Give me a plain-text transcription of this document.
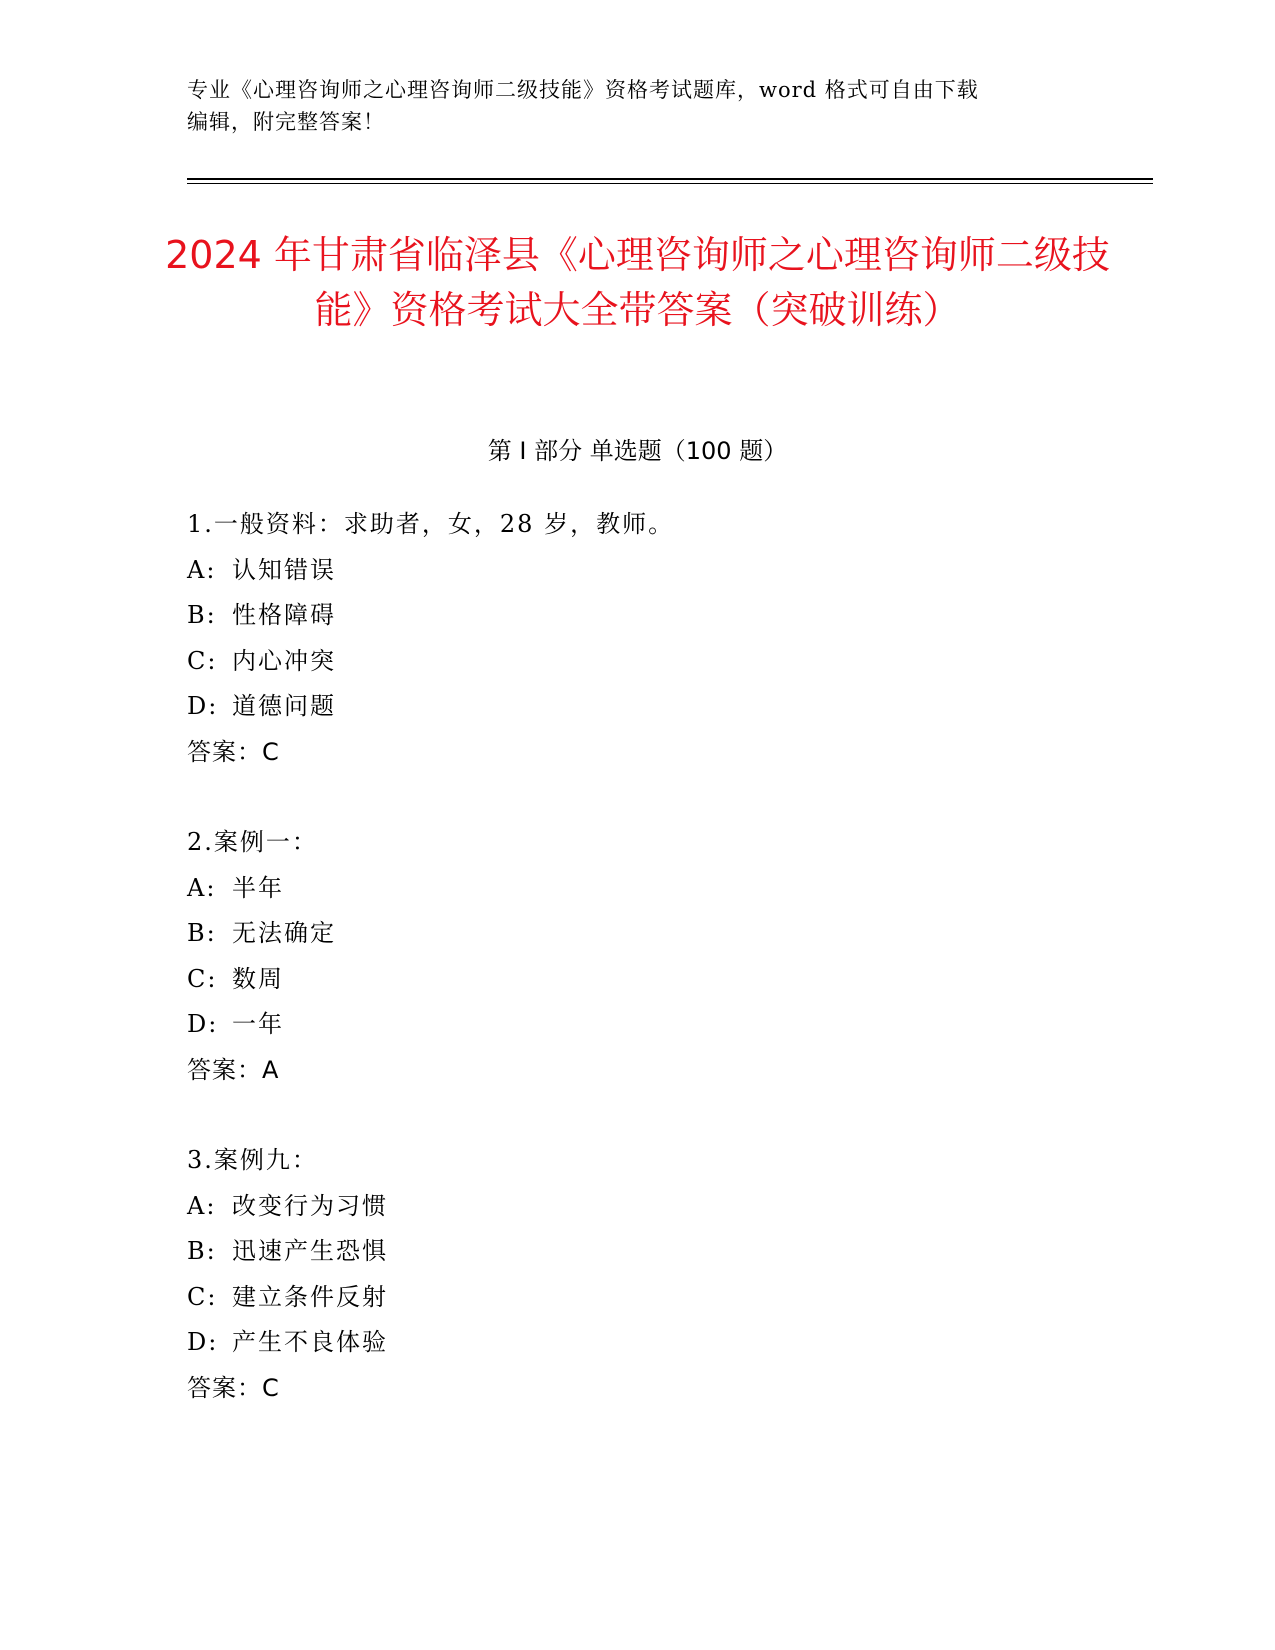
专业《心理咨询师之心理咨询师二级技能》资格考试题库，word 格式可自由下载
编辑，附完整答案！
2024 年甘肃省临泽县《心理咨询师之心理咨询师二级技能》资格考试大全带答案（突破训练）
第 I 部分 单选题（100 题）
1.一般资料：求助者，女，28 岁，教师。
A: 认知错误
B: 性格障碍
C: 内心冲突
D: 道德问题
答案：C
2.案例一：
A: 半年
B: 无法确定
C: 数周
D: 一年
答案：A
3.案例九：
A: 改变行为习惯
B: 迅速产生恐惧
C: 建立条件反射
D: 产生不良体验
答案：C
